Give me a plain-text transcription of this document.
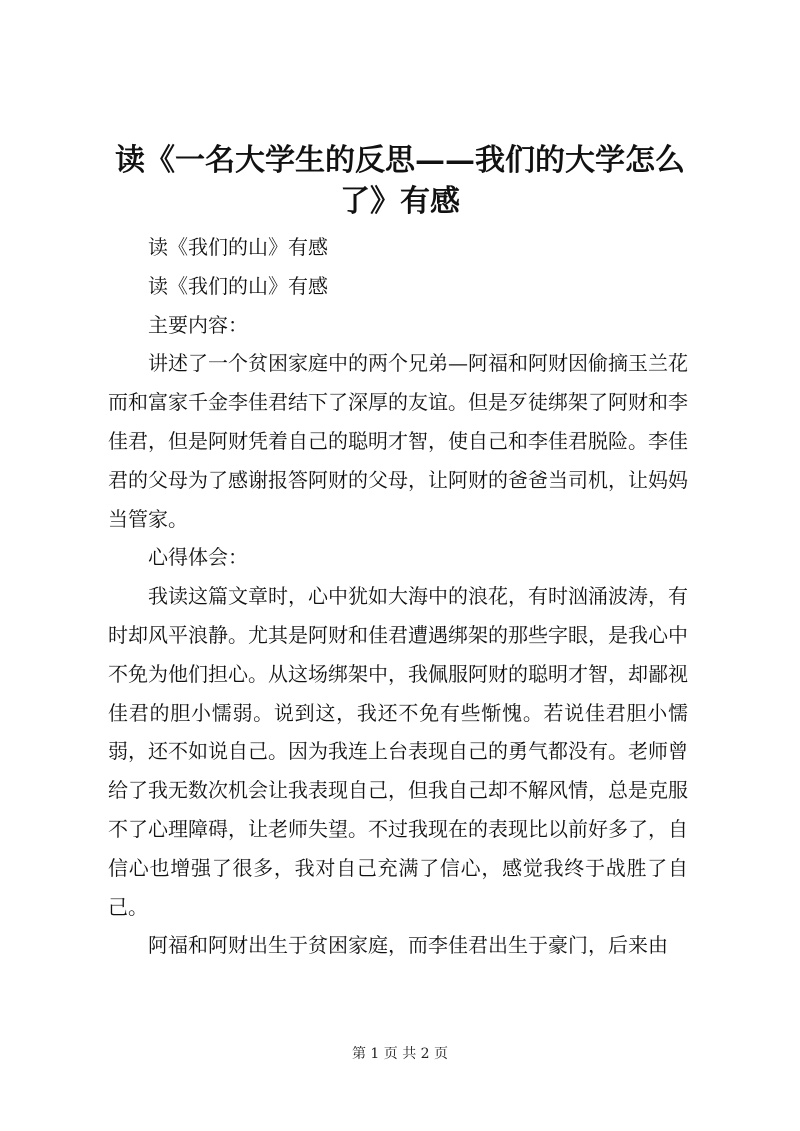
读《一名大学生的反思——我们的大学怎么了》有感

读《我们的山》有感

读《我们的山》有感

主要内容：

讲述了一个贫困家庭中的两个兄弟—阿福和阿财因偷摘玉兰花而和富家千金李佳君结下了深厚的友谊。但是歹徒绑架了阿财和李佳君，但是阿财凭着自己的聪明才智，使自己和李佳君脱险。李佳君的父母为了感谢报答阿财的父母，让阿财的爸爸当司机，让妈妈当管家。

心得体会：

我读这篇文章时，心中犹如大海中的浪花，有时汹涌波涛，有时却风平浪静。尤其是阿财和佳君遭遇绑架的那些字眼，是我心中不免为他们担心。从这场绑架中，我佩服阿财的聪明才智，却鄙视佳君的胆小懦弱。说到这，我还不免有些惭愧。若说佳君胆小懦弱，还不如说自己。因为我连上台表现自己的勇气都没有。老师曾给了我无数次机会让我表现自己，但我自己却不解风情，总是克服不了心理障碍，让老师失望。不过我现在的表现比以前好多了，自信心也增强了很多，我对自己充满了信心，感觉我终于战胜了自己。

阿福和阿财出生于贫困家庭，而李佳君出生于豪门，后来由

第 1 页 共 2 页
